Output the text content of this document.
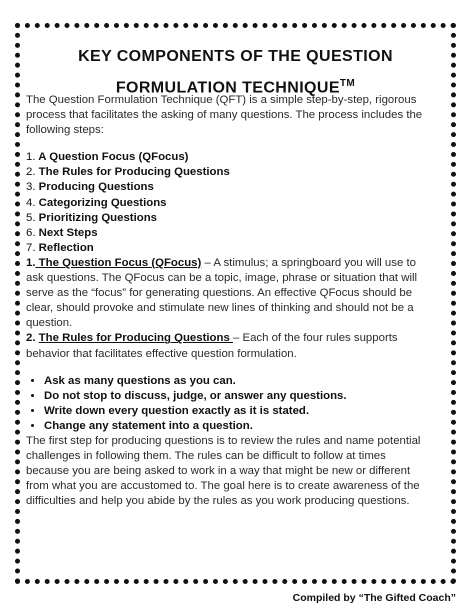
KEY COMPONENTS OF THE QUESTION
FORMULATION TECHNIQUE™

The Question Formulation Technique (QFT) is a simple step-by-step, rigorous process that facilitates the asking of many questions. The process includes the following steps:

1. A Question Focus (QFocus)
2. The Rules for Producing Questions
3. Producing Questions
4. Categorizing Questions
5. Prioritizing Questions
6. Next Steps
7. Reflection

1. The Question Focus (QFocus) – A stimulus; a springboard you will use to ask questions. The QFocus can be a topic, image, phrase or situation that will serve as the “focus” for generating questions. An effective QFocus should be clear, should provoke and stimulate new lines of thinking and should not be a question.

2. The Rules for Producing Questions – Each of the four rules supports behavior that facilitates effective question formulation.

• Ask as many questions as you can.
• Do not stop to discuss, judge, or answer any questions.
• Write down every question exactly as it is stated.
• Change any statement into a question.

The first step for producing questions is to review the rules and name potential challenges in following them. The rules can be difficult to follow at times because you are being asked to work in a way that might be new or different from what you are accustomed to. The goal here is to create awareness of the difficulties and help you abide by the rules as you work producing questions.

Compiled by “The Gifted Coach”
